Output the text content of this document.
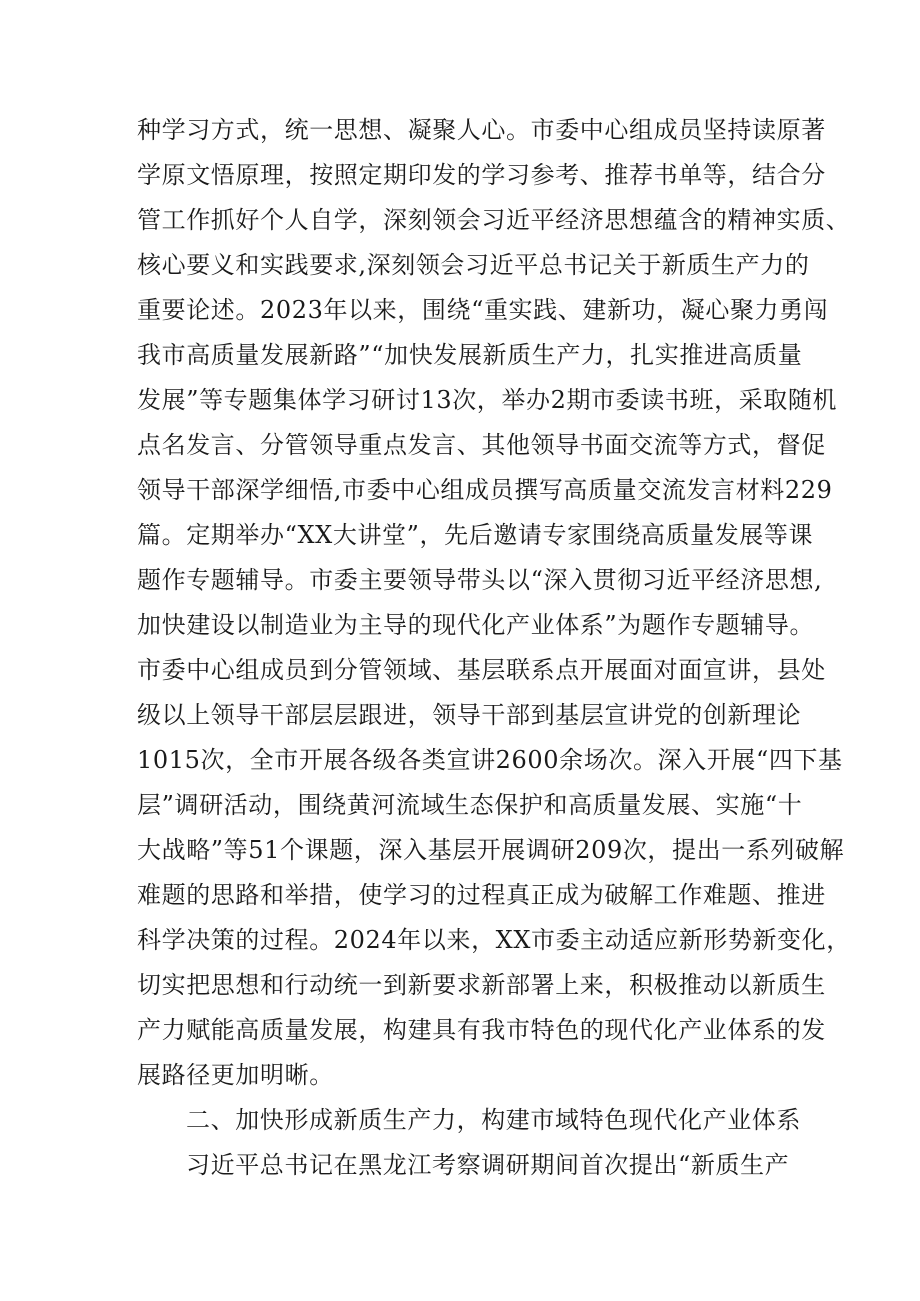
种学习方式，统一思想、凝聚人心。市委中心组成员坚持读原著
学原文悟原理，按照定期印发的学习参考、推荐书单等，结合分
管工作抓好个人自学，深刻领会习近平经济思想蕴含的精神实质、
核心要义和实践要求,深刻领会习近平总书记关于新质生产力的
重要论述。2023年以来，围绕“重实践、建新功，凝心聚力勇闯
我市高质量发展新路”“加快发展新质生产力，扎实推进高质量
发展”等专题集体学习研讨13次，举办2期市委读书班，采取随机
点名发言、分管领导重点发言、其他领导书面交流等方式，督促
领导干部深学细悟,市委中心组成员撰写高质量交流发言材料229
篇。定期举办“XX大讲堂”，先后邀请专家围绕高质量发展等课
题作专题辅导。市委主要领导带头以“深入贯彻习近平经济思想,
加快建设以制造业为主导的现代化产业体系”为题作专题辅导。
市委中心组成员到分管领域、基层联系点开展面对面宣讲，县处
级以上领导干部层层跟进，领导干部到基层宣讲党的创新理论
1015次，全市开展各级各类宣讲2600余场次。深入开展“四下基
层”调研活动，围绕黄河流域生态保护和高质量发展、实施“十
大战略”等51个课题，深入基层开展调研209次，提出一系列破解
难题的思路和举措，使学习的过程真正成为破解工作难题、推进
科学决策的过程。2024年以来，XX市委主动适应新形势新变化，
切实把思想和行动统一到新要求新部署上来，积极推动以新质生
产力赋能高质量发展，构建具有我市特色的现代化产业体系的发
展路径更加明晰。
二、加快形成新质生产力，构建市域特色现代化产业体系
习近平总书记在黑龙江考察调研期间首次提出“新质生产
